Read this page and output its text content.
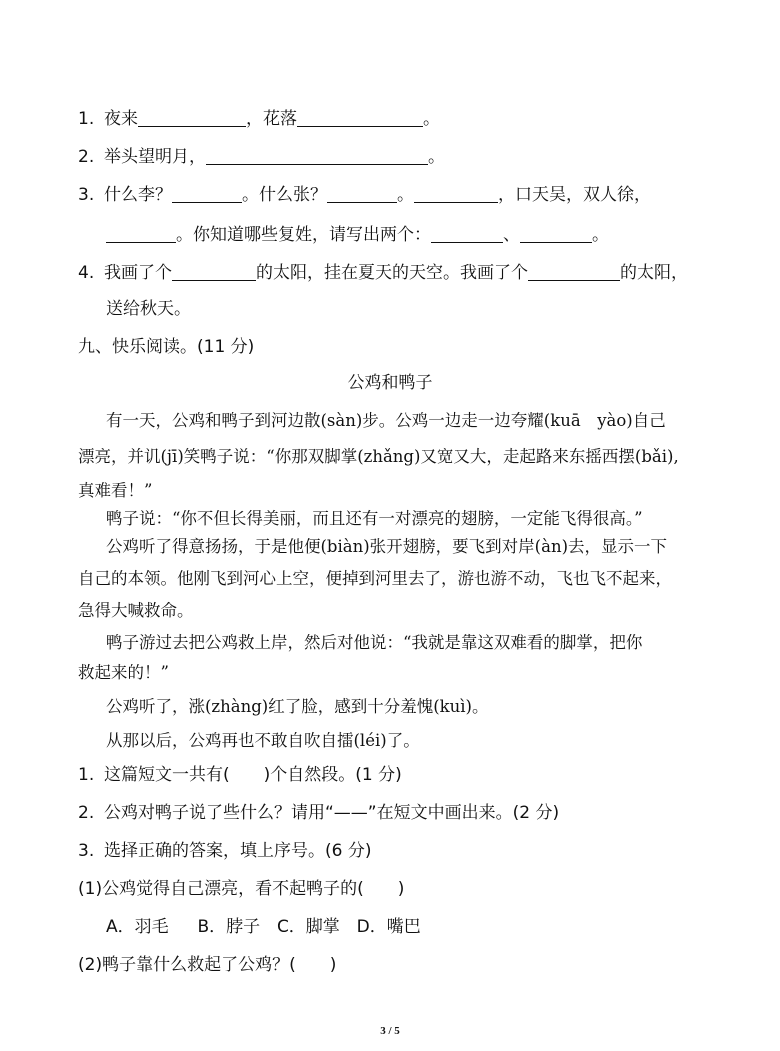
1. 夜来	，花落	。
2. 举头望明月，	。
3. 什么李？	。什么张？	。	，口天吴，双人徐，
。你知道哪些复姓，请写出两个：	、	。
4. 我画了个	的太阳，挂在夏天的天空。我画了个	的太阳，
送给秋天。
九、快乐阅读。(11 分)
公鸡和鸭子
有一天，公鸡和鸭子到河边散(sàn)步。公鸡一边走一边夸耀(kuā　yào)自己
漂亮，并讥(jī)笑鸭子说：“你那双脚掌(zhǎng)又宽又大，走起路来东摇西摆(bǎi),
真难看！”
鸭子说：“你不但长得美丽，而且还有一对漂亮的翅膀，一定能飞得很高。”
公鸡听了得意扬扬，于是他便(biàn)张开翅膀，要飞到对岸(àn)去，显示一下
自己的本领。他刚飞到河心上空，便掉到河里去了，游也游不动，飞也飞不起来，
急得大喊救命。
鸭子游过去把公鸡救上岸，然后对他说：“我就是靠这双难看的脚掌，把你
救起来的！”
公鸡听了，涨(zhàng)红了脸，感到十分羞愧(kuì)。
从那以后，公鸡再也不敢自吹自擂(léi)了。
1. 这篇短文一共有(　　)个自然段。(1 分)
2. 公鸡对鸭子说了些什么？请用“——”在短文中画出来。(2 分)
3. 选择正确的答案，填上序号。(6 分)
(1)公鸡觉得自己漂亮，看不起鸭子的(　　)
A．羽毛 B．脖子 C．脚掌 D．嘴巴
(2)鸭子靠什么救起了公鸡？(　　)
3 / 5
